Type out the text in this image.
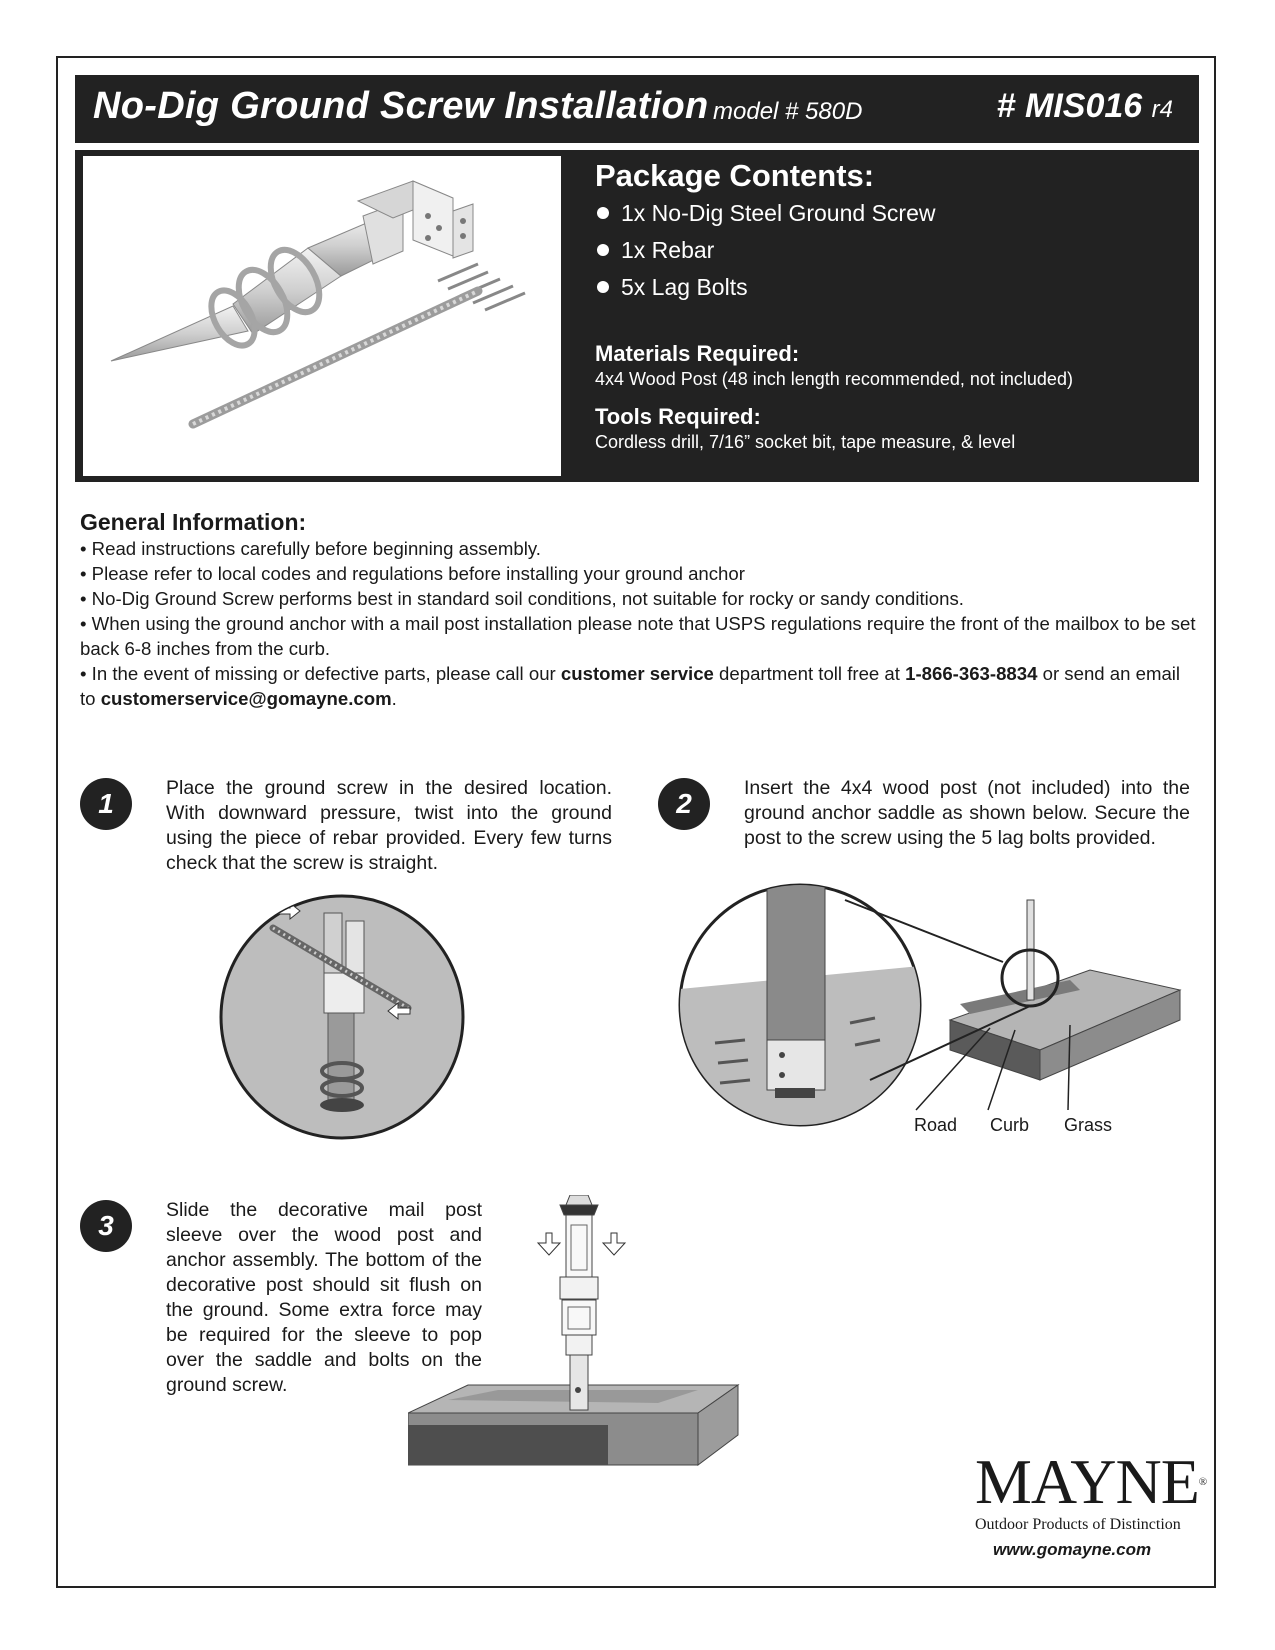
No-Dig Ground Screw Installation model # 580D	# MIS016 r4
Package Contents:
1x No-Dig Steel Ground Screw
1x Rebar
5x Lag Bolts
Materials Required:
4x4 Wood Post (48 inch length recommended, not included)
Tools Required:
Cordless drill, 7/16” socket bit, tape measure, & level
General Information:

• Read instructions carefully before beginning assembly.

• Please refer to local codes and regulations before installing your ground anchor

• No-Dig Ground Screw performs best in standard soil conditions, not suitable for rocky or sandy conditions.

• When using the ground anchor with a mail post installation please note that USPS regulations require the front of the mailbox to be set back 6-8 inches from the curb.

• In the event of missing or defective parts, please call our customer service department toll free at 1-866-363-8834 or send an email to customerservice@gomayne.com.

1	Place the ground screw in the desired location. With downward pressure, twist into the ground using the piece of rebar provided. Every few turns check that the screw is straight.
2	Insert the 4x4 wood post (not included) into the ground anchor saddle as shown below. Secure the post to the screw using the 5 lag bolts provided.
Road Curb Grass
3	Slide the decorative mail post sleeve over the wood post and anchor assembly. The bottom of the decorative post should sit flush on the ground. Some extra force may be required for the sleeve to pop over the saddle and bolts on the ground screw.
MAYNE®
Outdoor Products of Distinction
www.gomayne.com
